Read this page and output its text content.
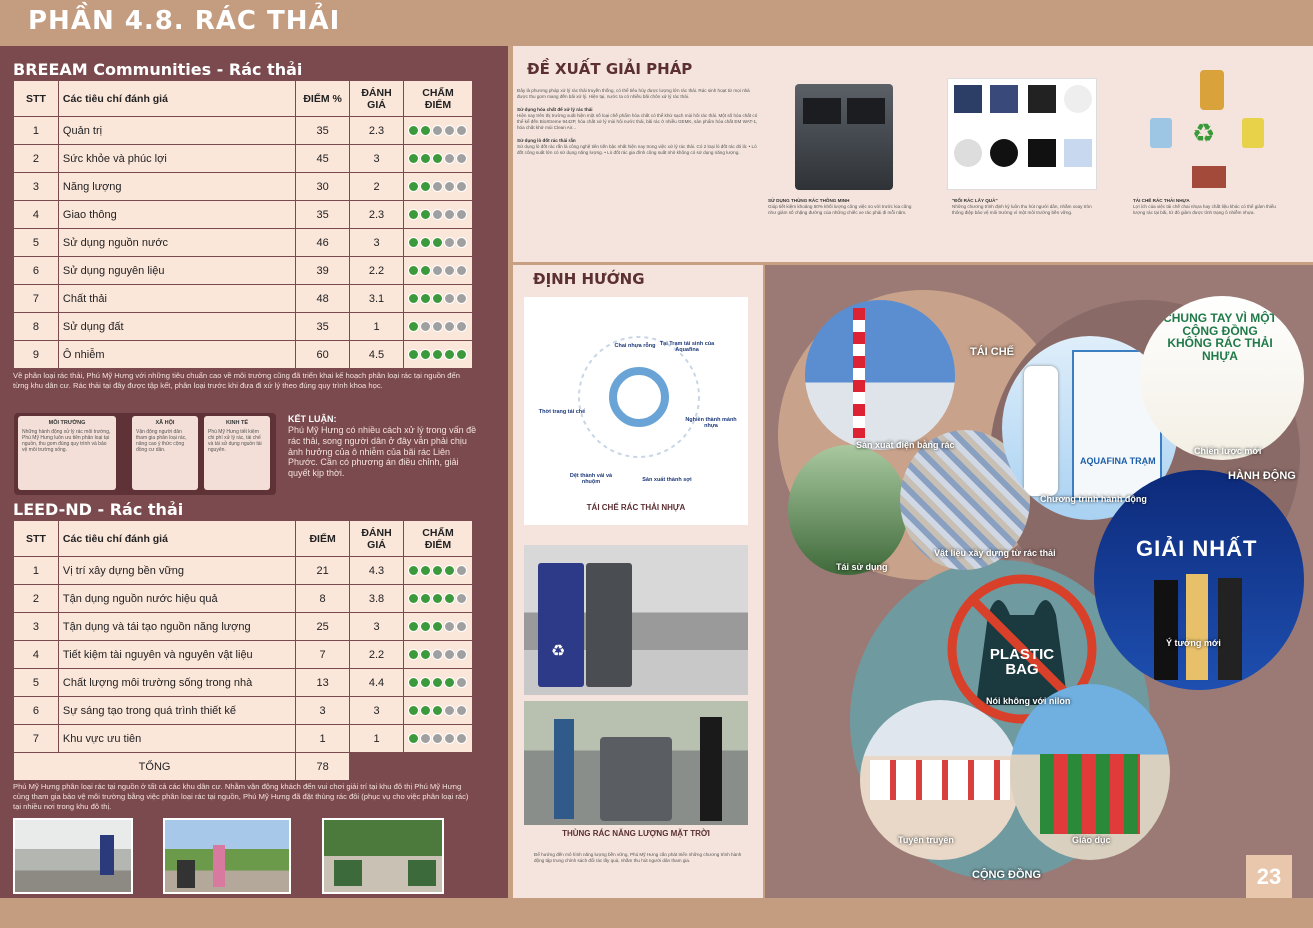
PHẦN 4.8. RÁC THẢI
BREEAM Communities - Rác thải
STT	Các tiêu chí đánh giá	ĐIỂM %	ĐÁNH GIÁ	CHẤM ĐIỂM
1	Quản trị	35	2.3	

2	Sức khỏe và phúc lợi	45	3	

3	Năng lượng	30	2	

4	Giao thông	35	2.3	

5	Sử dụng nguồn nước	46	3	

6	Sử dụng nguyên liệu	39	2.2	

7	Chất thải	48	3.1	

8	Sử dụng đất	35	1	

9	Ô nhiễm	60	4.5	
Về phân loại rác thải, Phú Mỹ Hưng với những tiêu chuẩn cao về môi trường cũng đã triển khai kế hoạch phân loại rác tại nguồn đến từng khu dân cư. Rác thải tại đây được tập kết, phân loại trước khi đưa đi xử lý theo đúng quy trình khoa học.
MÔI TRƯỜNG
Những hành động xử lý rác môi trường, Phú Mỹ Hưng luôn ưu tiên phân loại tại nguồn, thu gom đúng quy trình và bảo vệ môi trường sống.
XÃ HỘI
Vận động người dân tham gia phân loại rác, nâng cao ý thức cộng đồng cư dân.
KINH TẾ
Phú Mỹ Hưng tiết kiệm chi phí xử lý rác, tái chế và tái sử dụng nguồn tài nguyên.
KẾT LUẬN:
Phú Mỹ Hưng có nhiều cách xử lý trong vấn đề rác thải, song người dân ở đây vẫn phải chịu ảnh hưởng của ô nhiễm của bãi rác Liên Phước. Cần có phương án điều chỉnh, giải quyết kịp thời.
LEED-ND - Rác thải
STT	Các tiêu chí đánh giá	ĐIỂM	ĐÁNH GIÁ	CHẤM ĐIỂM
1	Vị trí xây dựng bền vững	21	4.3	

2	Tận dụng nguồn nước hiệu quả	8	3.8	

3	Tận dụng và tái tạo nguồn năng lượng	25	3	

4	Tiết kiệm tài nguyên và nguyên vật liệu	7	2.2	

5	Chất lượng môi trường sống trong nhà	13	4.4	

6	Sự sáng tạo trong quá trình thiết kế	3	3	

7	Khu vực ưu tiên	1	1	

TỔNG		78		
Phú Mỹ Hưng phân loại rác tại nguồn ở tất cả các khu dân cư. Nhằm vận động khách đến vui chơi giải trí tại khu đô thị Phú Mỹ Hưng cùng tham gia bảo vệ môi trường bằng việc phân loại rác tại nguồn, Phú Mỹ Hưng đã đặt thùng rác đôi (phục vụ cho việc phân loại rác) tại nhiều nơi trong khu đô thị.
ĐỀ XUẤT GIẢI PHÁP
Đây là phương pháp xử lý rác thải truyền thống, có thể tiêu hủy được lượng lớn rác thải. Rác sinh hoạt từ mọi nhà được thu gom mang đến bãi xử lý. Hiện tại, nước ta có nhiều bãi chôn xử lý rác thải.

Sử dụng hóa chất để xử lý rác thải
Hiện nay trên thị trường xuất hiện một số loại chế phẩm hóa chất có thể khử sạch mùi hôi rác thải. Một số hóa chất có thể kể đến BioXtreme 9442P, hóa chất xử lý mùi hôi nước thải, bãi rác ở nhiều GEMK, sản phẩm hóa chất EM WAT-1, hóa chất khử mùi Clean Air...

Sử dụng lò đốt rác thải rắn
Sử dụng lò đốt rác rắn là công nghệ tiên tiến bậc nhất hiện nay trong việc xử lý rác thải. Có 2 loại lò đốt rác đó là: • Lò đốt công suất lớn có sử dụng năng lượng. • Lò đốt rác gia đình công suất nhỏ không có sử dụng năng lượng.
SỬ DỤNG THÙNG RÁC THÔNG MINH
Giúp tiết kiệm khoảng 50% khối lượng công việc so với trước kia cũng như giảm số chặng đường của những chiếc xe rác phải đi mỗi năm.
"ĐỔI RÁC LẤY QUÀ"
Những chương trình định kỳ luôn thu hút người dân, nhằm xoay tròn thông điệp bảo vệ môi trường vì một môi trường bền vững.
♻
TÁI CHẾ RÁC THẢI NHỰA
Lợi ích của việc tái chế chai nhựa hay chất liệu khác có thể giảm thiểu lượng rác tại bãi, từ đó giảm được tình trạng ô nhiễm nhựa.
ĐỊNH HƯỚNG
Chai nhựa rỗng Tại Trạm tái sinh của Aquafina
Nghiền thành mảnh nhựa
Sản xuất thành sợi
Dệt thành vải và nhuộm
Thời trang tái chế
TÁI CHẾ RÁC THẢI NHỰA
♻
THÙNG RÁC NĂNG LƯỢNG MẶT TRỜI
Để hướng đến mô hình năng lượng bền vững, Phú Mỹ Hưng cần phát triển những chương trình hành động tập trung chính sách đổi rác lấy quà, nhằm thu hút người dân tham gia.
AQUAFINA TRẠM
CHUNG TAY VÌ MỘT CỘNG ĐỒNG KHÔNG RÁC THẢI NHỰA
GIẢI NHẤT
PLASTIC BAG
TÁI CHẾ
Sản xuất điện bằng rác
Tái sử dụng
Vật liệu xây dựng từ rác thải
Chương trình hành động
Chiến lược mới
HÀNH ĐỘNG
Ý tưởng mới
Nói không với nilon
Tuyên truyền	Giáo dục
CỘNG ĐỒNG	23
